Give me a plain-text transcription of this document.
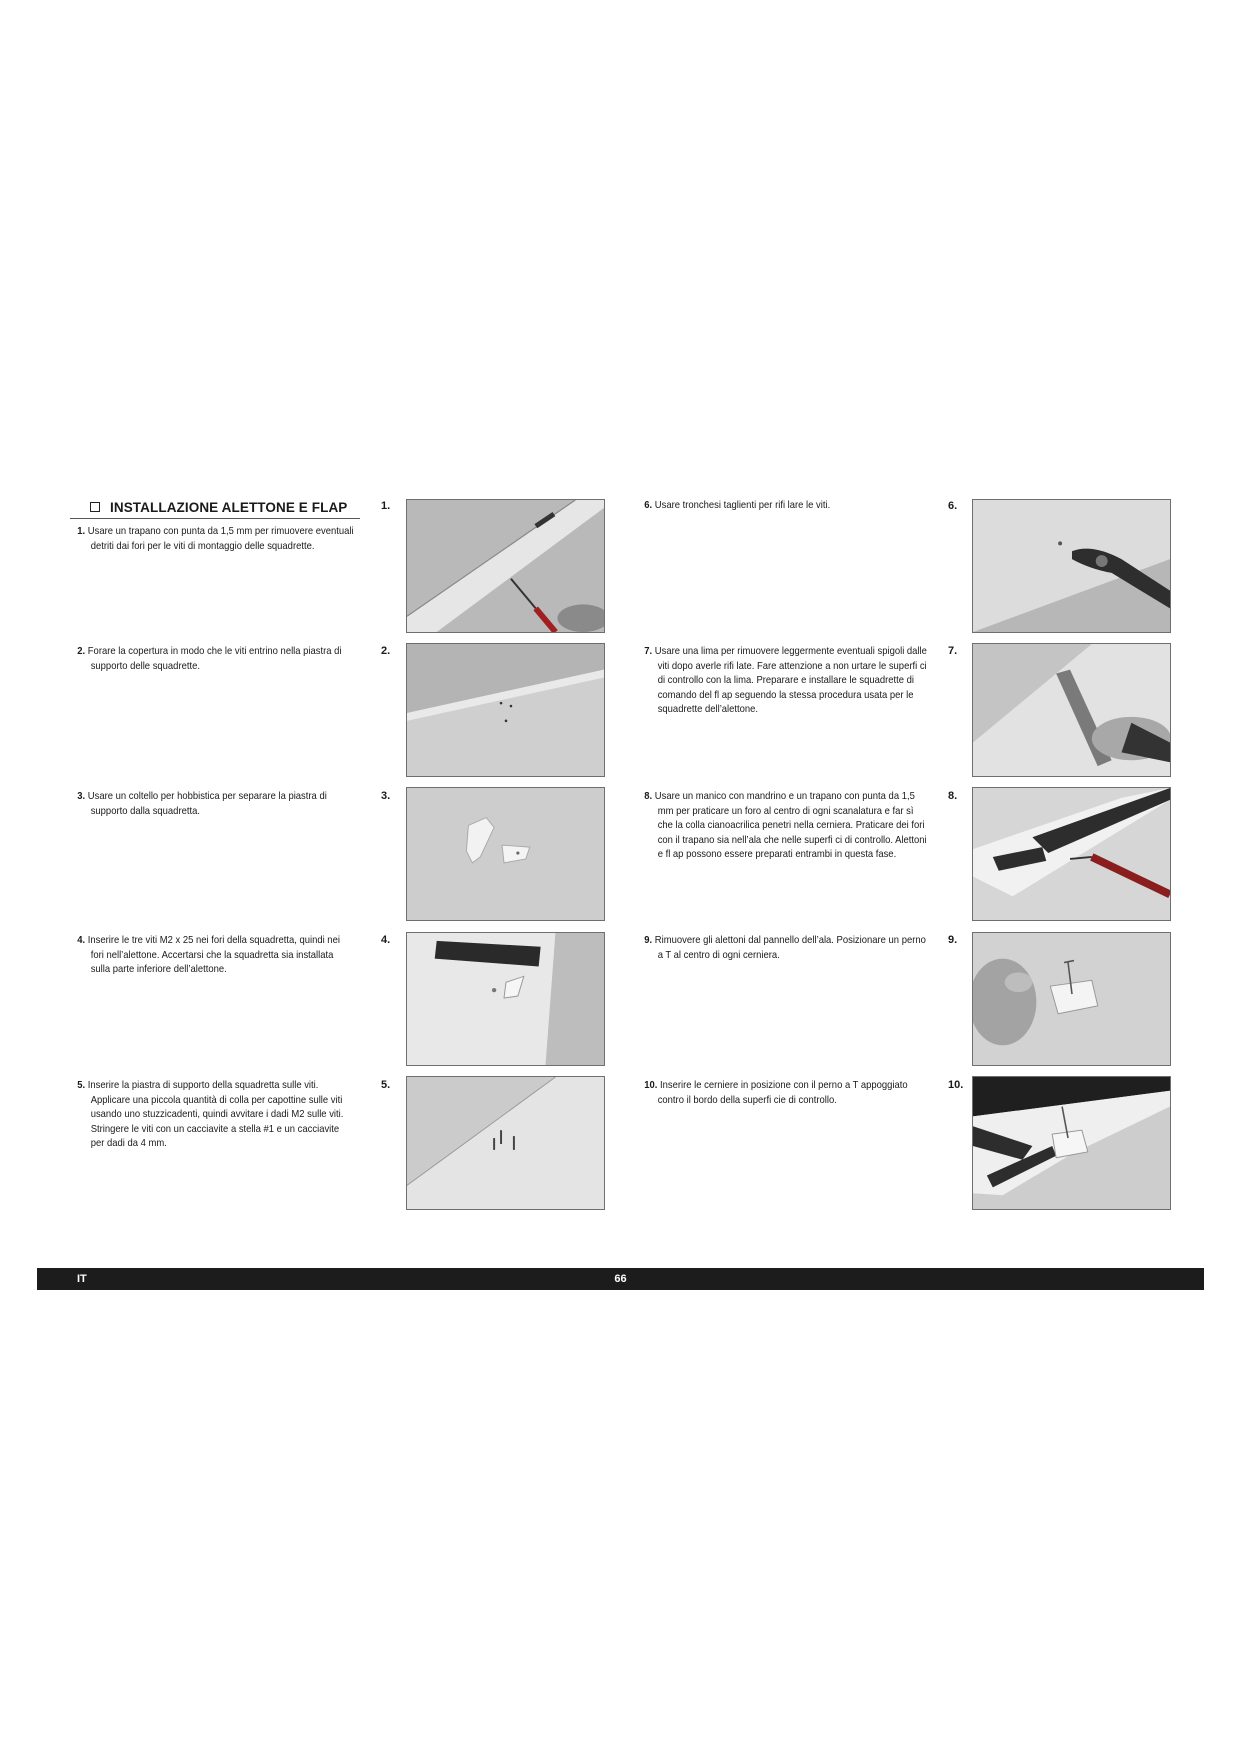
INSTALLAZIONE ALETTONE E FLAP
1. Usare un trapano con punta da 1,5 mm per rimuovere eventuali detriti dai fori per le viti di montaggio delle squadrette.
2. Forare la copertura in modo che le viti entrino nella piastra di supporto delle squadrette.
3. Usare un coltello per hobbistica per separare la piastra di supporto dalla squadretta.
4. Inserire le tre viti M2 x 25 nei fori della squadretta, quindi nei fori nell’alettone. Accertarsi che la squadretta sia installata sulla parte inferiore dell’alettone.
5. Inserire la piastra di supporto della squadretta sulle viti. Applicare una piccola quantità di colla per capottine sulle viti usando uno stuzzicadenti, quindi avvitare i dadi M2 sulle viti. Stringere le viti con un cacciavite a stella #1 e un cacciavite per dadi da 4 mm.
6. Usare tronchesi taglienti per rifi lare le viti.
7. Usare una lima per rimuovere leggermente eventuali spigoli dalle viti dopo averle rifi late. Fare attenzione a non urtare le superfi ci di controllo con la lima. Preparare e installare le squadrette di comando del fl ap seguendo la stessa procedura usata per le squadrette dell’alettone.
8. Usare un manico con mandrino e un trapano con punta da 1,5 mm per praticare un foro al centro di ogni scanalatura e far sì che la colla cianoacrilica penetri nella cerniera. Praticare dei fori con il trapano sia nell’ala che nelle superfi ci di controllo. Alettoni e fl ap possono essere preparati entrambi in questa fase.
9. Rimuovere gli alettoni dal pannello dell’ala. Posizionare un perno a T al centro di ogni cerniera.
10. Inserire le cerniere in posizione con il perno a T appoggiato contro il bordo della superfi cie di controllo.
1.
2.
3.
4.
5.
6.
7.
8.
9.
10.
IT	66
